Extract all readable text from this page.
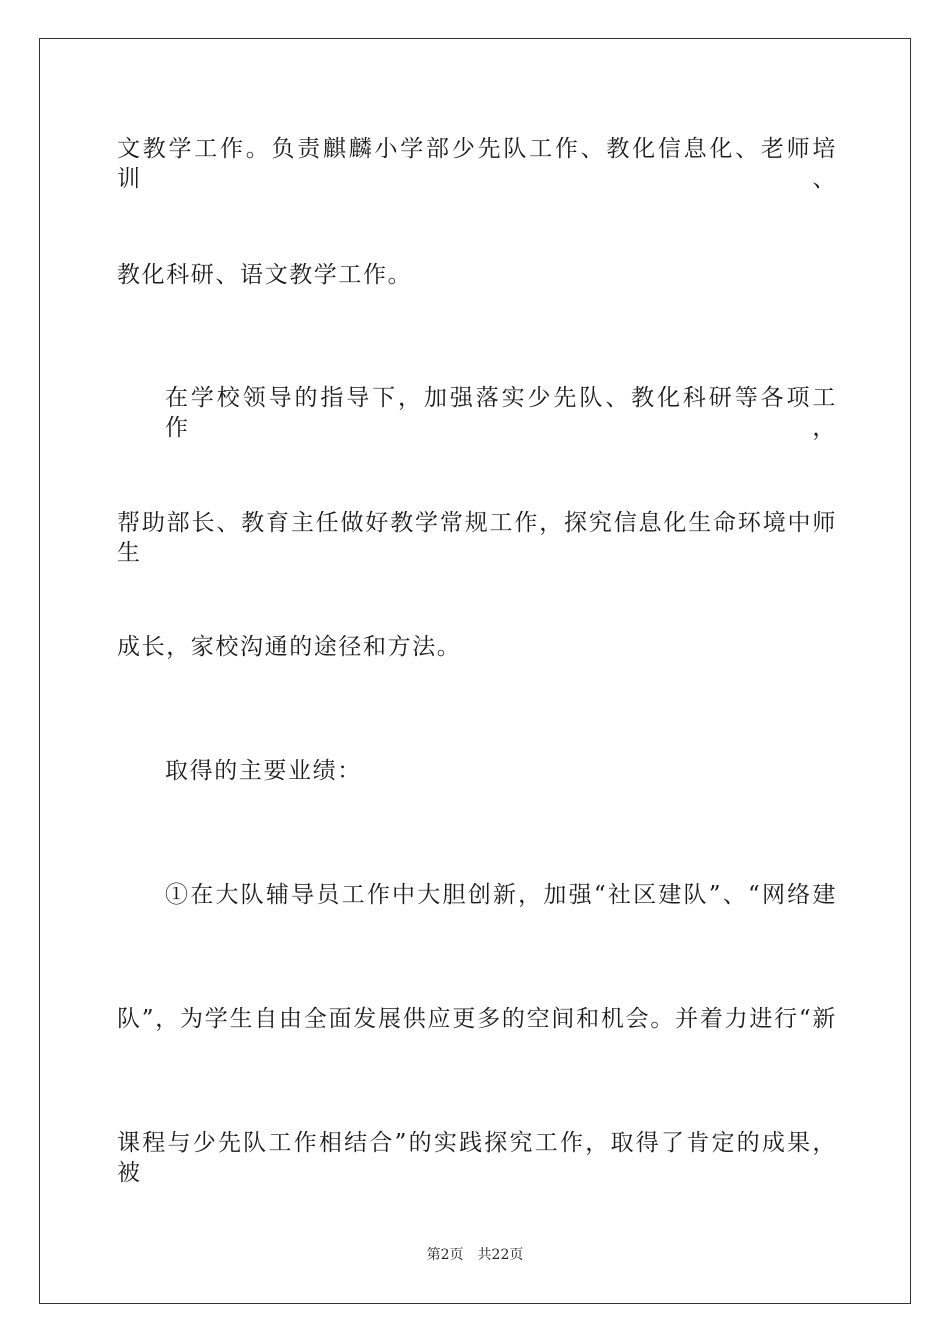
文教学工作。负责麒麟小学部少先队工作、教化信息化、老师培训、
教化科研、语文教学工作。
在学校领导的指导下，加强落实少先队、教化科研等各项工作，
帮助部长、教育主任做好教学常规工作，探究信息化生命环境中师生
成长，家校沟通的途径和方法。
取得的主要业绩：
①在大队辅导员工作中大胆创新，加强“社区建队”、“网络建
队”，为学生自由全面发展供应更多的空间和机会。并着力进行“新
课程与少先队工作相结合”的实践探究工作，取得了肯定的成果，被
第2页 共22页
